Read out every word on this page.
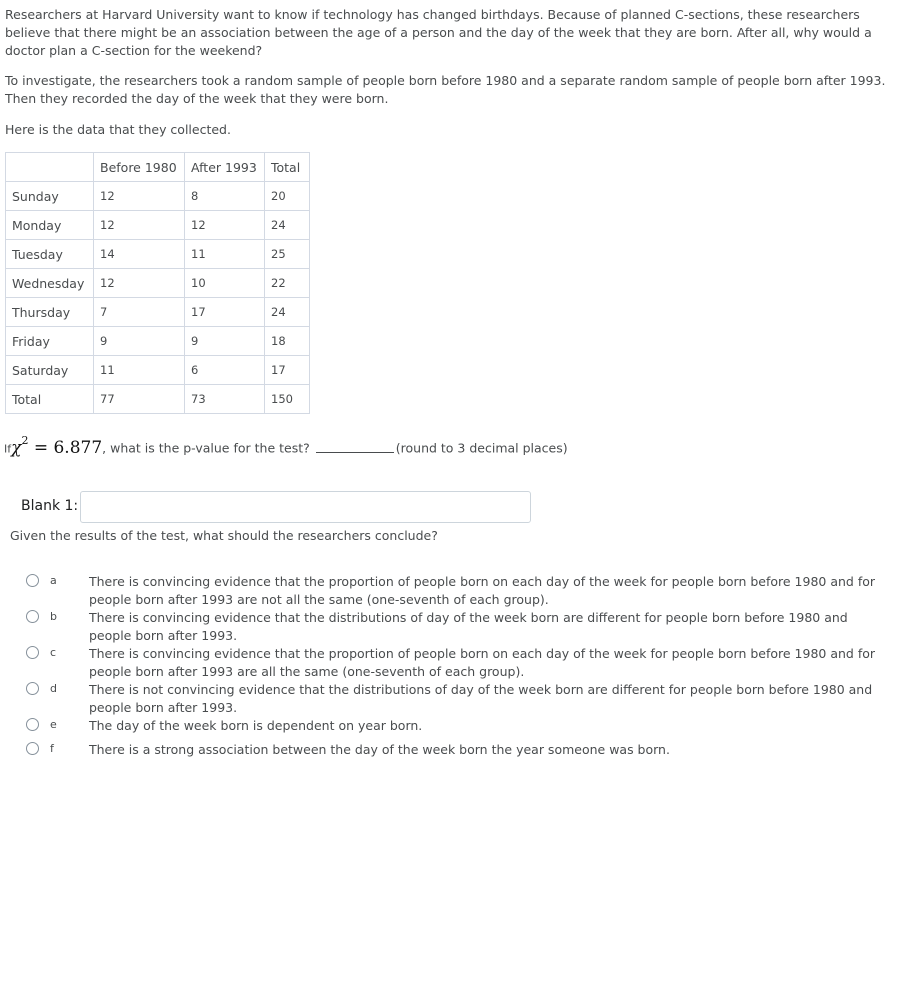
Researchers at Harvard University want to know if technology has changed birthdays. Because of planned C-sections, these researchers believe that there might be an association between the age of a person and the day of the week that they are born. After all, why would a doctor plan a C-section for the weekend?

To investigate, the researchers took a random sample of people born before 1980 and a separate random sample of people born after 1993. Then they recorded the day of the week that they were born.

Here is the data that they collected.

	Before 1980	After 1993	Total
Sunday	12	8	20
Monday	12	12	24
Tuesday	14	11	25
Wednesday	12	10	22
Thursday	7	17	24
Friday	9	9	18
Saturday	11	6	17
Total	77	73	150
Ifχ$^2$ = 6.877, what is the p-value for the test?	(round to 3 decimal places)
Blank 1:
Given the results of the test, what should the researchers conclude?
a	There is convincing evidence that the proportion of people born on each day of the week for people born before 1980 and for people born after 1993 are not all the same (one-seventh of each group).
b	There is convincing evidence that the distributions of day of the week born are different for people born before 1980 and people born after 1993.
c	There is convincing evidence that the proportion of people born on each day of the week for people born before 1980 and for people born after 1993 are all the same (one-seventh of each group).
d	There is not convincing evidence that the distributions of day of the week born are different for people born before 1980 and people born after 1993.
e	The day of the week born is dependent on year born.
f	There is a strong association between the day of the week born the year someone was born.
